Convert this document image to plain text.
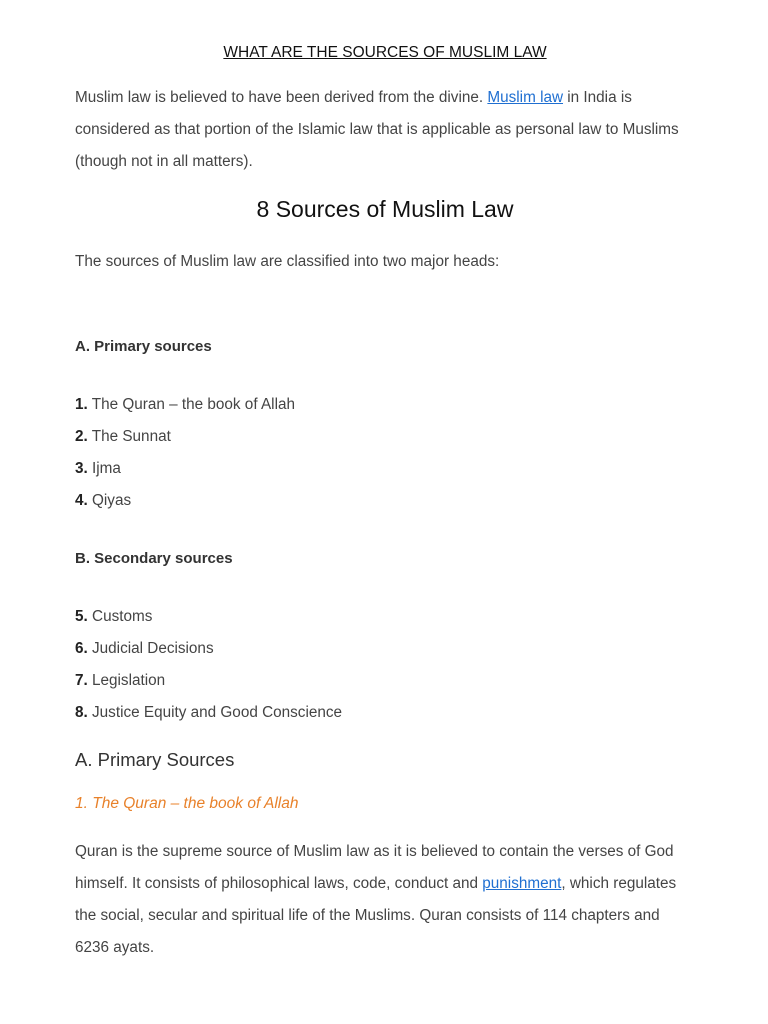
WHAT ARE THE SOURCES OF MUSLIM LAW
Muslim law is believed to have been derived from the divine. Muslim law in India is considered as that portion of the Islamic law that is applicable as personal law to Muslims (though not in all matters).
8 Sources of Muslim Law
The sources of Muslim law are classified into two major heads:
A. Primary sources
1. The Quran – the book of Allah
2. The Sunnat
3. Ijma
4. Qiyas
B. Secondary sources
5. Customs
6. Judicial Decisions
7. Legislation
8. Justice Equity and Good Conscience
A. Primary Sources
1. The Quran – the book of Allah
Quran is the supreme source of Muslim law as it is believed to contain the verses of God himself. It consists of philosophical laws, code, conduct and punishment, which regulates the social, secular and spiritual life of the Muslims. Quran consists of 114 chapters and 6236 ayats.
